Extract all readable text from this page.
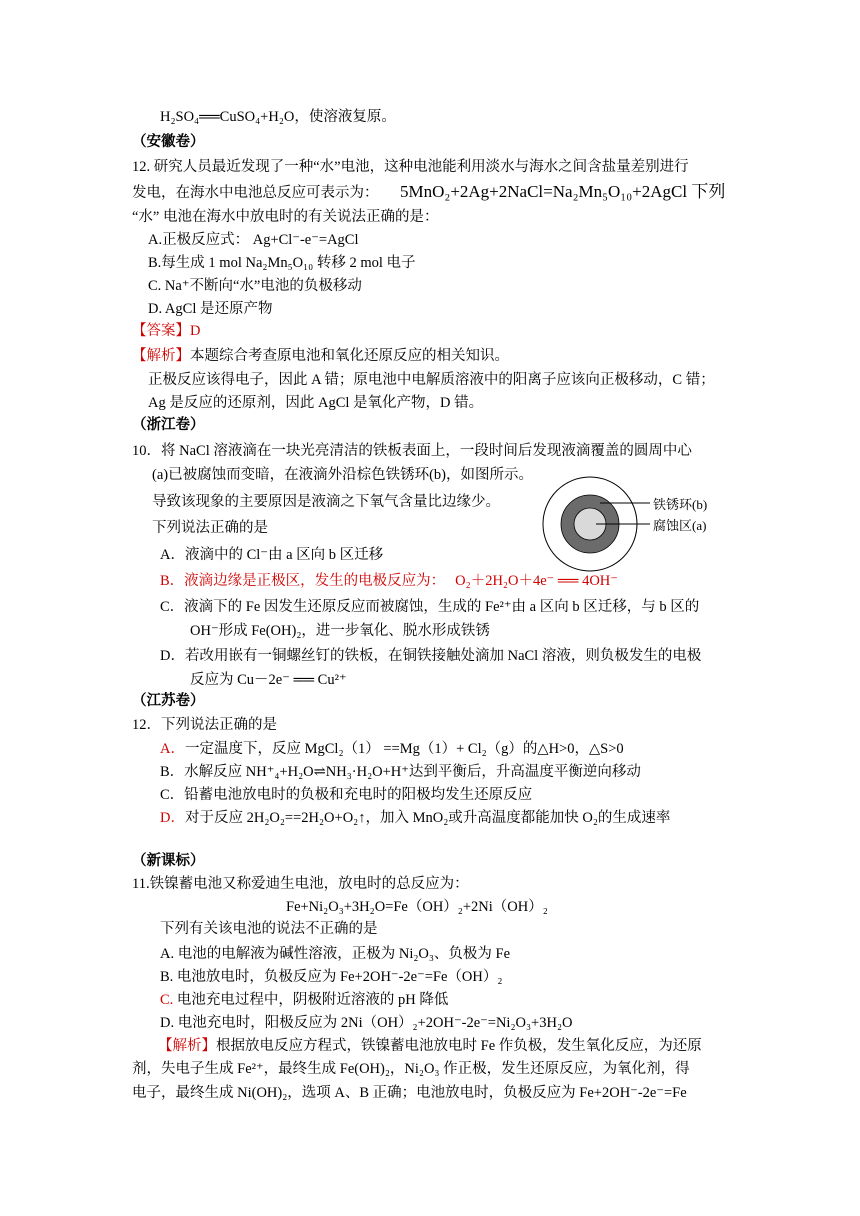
H₂SO₄══CuSO₄+H₂O，使溶液复原。
（安徽卷）
12. 研究人员最近发现了一种“水”电池，这种电池能利用淡水与海水之间含盐量差别进行
发电，在海水中电池总反应可表示为： 5MnO₂+2Ag+2NaCl=Na₂Mn₅O₁₀+2AgCl 下列
“水” 电池在海水中放电时的有关说法正确的是：
A.正极反应式： Ag+Cl⁻-e⁻=AgCl
B.每生成 1 mol Na₂Mn₅O₁₀ 转移 2 mol 电子
C. Na⁺不断向“水”电池的负极移动
D. AgCl 是还原产物
【答案】D
【解析】本题综合考查原电池和氧化还原反应的相关知识。
正极反应该得电子，因此 A 错；原电池中电解质溶液中的阳离子应该向正极移动，C 错；
Ag 是反应的还原剂，因此 AgCl 是氧化产物，D 错。
（浙江卷）
10．将 NaCl 溶液滴在一块光亮清洁的铁板表面上，一段时间后发现液滴覆盖的圆周中心
(a)已被腐蚀而变暗，在液滴外沿棕色铁锈环(b)，如图所示。
导致该现象的主要原因是液滴之下氧气含量比边缘少。
下列说法正确的是
A．液滴中的 Cl⁻由 a 区向 b 区迁移
B．液滴边缘是正极区，发生的电极反应为： O₂＋2H₂O＋4e⁻ ══ 4OH⁻
C．液滴下的 Fe 因发生还原反应而被腐蚀，生成的 Fe²⁺由 a 区向 b 区迁移，与 b 区的
OH⁻形成 Fe(OH)₂，进一步氧化、脱水形成铁锈
D．若改用嵌有一铜螺丝钉的铁板，在铜铁接触处滴加 NaCl 溶液，则负极发生的电极
反应为 Cu－2e⁻ ══ Cu²⁺
铁锈环(b)
腐蚀区(a)
（江苏卷）
12．下列说法正确的是
A．一定温度下，反应 MgCl₂（1） ==Mg（1）+ Cl₂（g）的△H>0，△S>0
B．水解反应 NH⁺₄+H₂O⇌NH₃·H₂O+H⁺达到平衡后，升高温度平衡逆向移动
C．铅蓄电池放电时的负极和充电时的阳极均发生还原反应
D．对于反应 2H₂O₂==2H₂O+O₂↑，加入 MnO₂或升高温度都能加快 O₂的生成速率
（新课标）
11.铁镍蓄电池又称爱迪生电池，放电时的总反应为：
Fe+Ni₂O₃+3H₂O=Fe（OH）₂+2Ni（OH）₂
下列有关该电池的说法不正确的是
A. 电池的电解液为碱性溶液，正极为 Ni₂O₃、负极为 Fe
B. 电池放电时，负极反应为 Fe+2OH⁻-2e⁻=Fe（OH）₂
C. 电池充电过程中，阴极附近溶液的 pH 降低
D. 电池充电时，阳极反应为 2Ni（OH）₂+2OH⁻-2e⁻=Ni₂O₃+3H₂O
【解析】根据放电反应方程式，铁镍蓄电池放电时 Fe 作负极，发生氧化反应，为还原
剂，失电子生成 Fe²⁺，最终生成 Fe(OH)₂，Ni₂O₃ 作正极，发生还原反应，为氧化剂，得
电子，最终生成 Ni(OH)₂，选项 A、B 正确；电池放电时，负极反应为 Fe+2OH⁻-2e⁻=Fe
